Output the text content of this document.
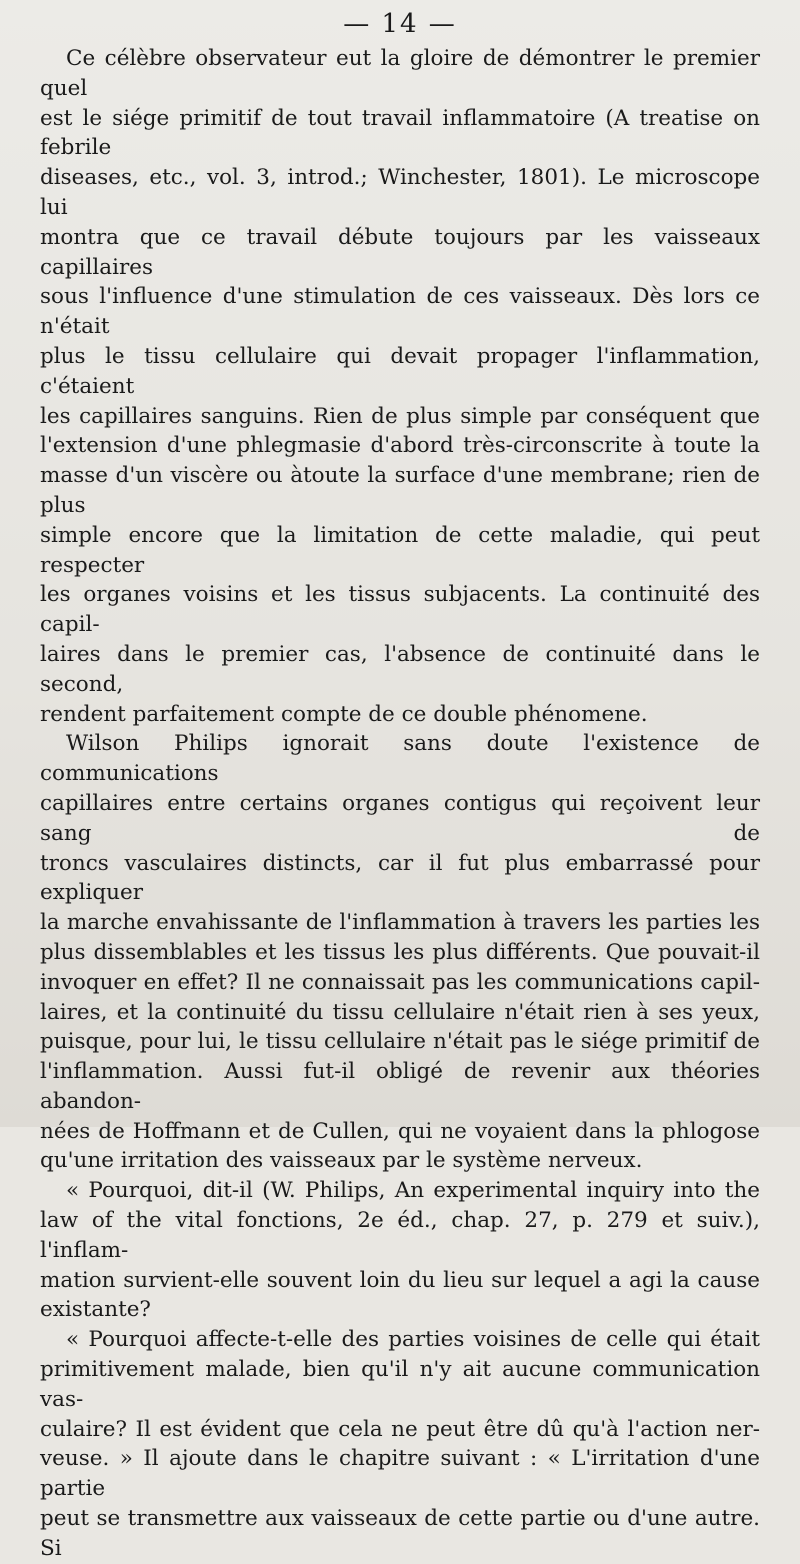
— 14 —
Ce célèbre observateur eut la gloire de démontrer le premier quel
est le siége primitif de tout travail inflammatoire (A treatise on febrile
diseases, etc., vol. 3, introd.; Winchester, 1801). Le microscope lui
montra que ce travail débute toujours par les vaisseaux capillaires
sous l'influence d'une stimulation de ces vaisseaux. Dès lors ce n'était
plus le tissu cellulaire qui devait propager l'inflammation, c'étaient
les capillaires sanguins. Rien de plus simple par conséquent que
l'extension d'une phlegmasie d'abord très-circonscrite à toute la
masse d'un viscère ou àtoute la surface d'une membrane; rien de plus
simple encore que la limitation de cette maladie, qui peut respecter
les organes voisins et les tissus subjacents. La continuité des capil-
laires dans le premier cas, l'absence de continuité dans le second,
rendent parfaitement compte de ce double phénomene.
Wilson Philips ignorait sans doute l'existence de communications
capillaires entre certains organes contigus qui reçoivent leur sang de
troncs vasculaires distincts, car il fut plus embarrassé pour expliquer
la marche envahissante de l'inflammation à travers les parties les
plus dissemblables et les tissus les plus différents. Que pouvait-il
invoquer en effet? Il ne connaissait pas les communications capil-
laires, et la continuité du tissu cellulaire n'était rien à ses yeux,
puisque, pour lui, le tissu cellulaire n'était pas le siége primitif de
l'inflammation. Aussi fut-il obligé de revenir aux théories abandon-
nées de Hoffmann et de Cullen, qui ne voyaient dans la phlogose
qu'une irritation des vaisseaux par le système nerveux.
« Pourquoi, dit-il (W. Philips, An experimental inquiry into the
law of the vital fonctions, 2e éd., chap. 27, p. 279 et suiv.), l'inflam-
mation survient-elle souvent loin du lieu sur lequel a agi la cause
existante?
« Pourquoi affecte-t-elle des parties voisines de celle qui était
primitivement malade, bien qu'il n'y ait aucune communication vas-
culaire? Il est évident que cela ne peut être dû qu'à l'action ner-
veuse. » Il ajoute dans le chapitre suivant : « L'irritation d'une partie
peut se transmettre aux vaisseaux de cette partie ou d'une autre. Si
